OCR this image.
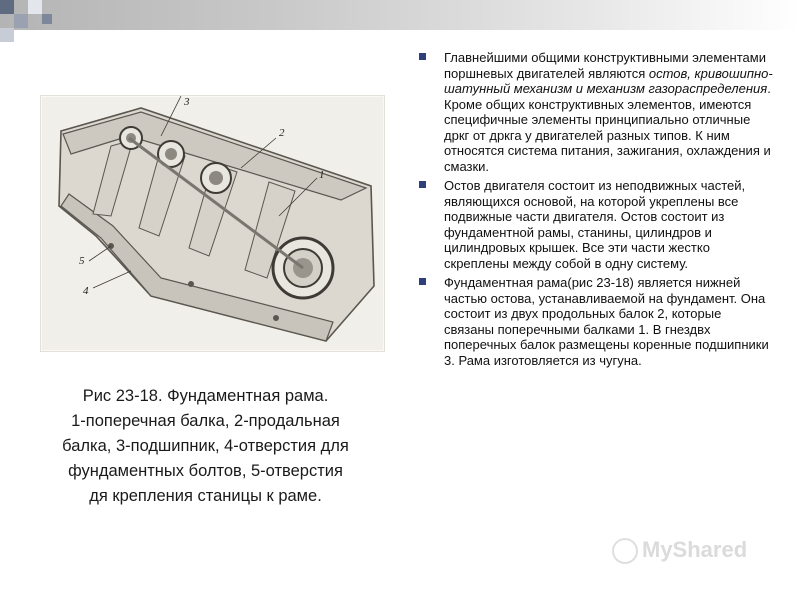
3
2
1
5
4
Рис 23-18. Фундаментная рама.
1-поперечная балка, 2-продальная
балка, 3-подшипник, 4-отверстия для
фундаментных болтов, 5-отверстия
дя крепления станицы к раме.

Главнейшими общими конструктивными элементами поршневых двигателей являются остов, кривошипно-шатунный механизм и механизм газораспределения. Кроме общих конструктивных элементов, имеются специфичные элементы принципиально отличные дркг от дркга у двигателей разных типов. К ним относятся система питания, зажигания, охлаждения и смазки.

Остов двигателя состоит из неподвижных частей, являющихся основой, на которой укреплены все подвижные части двигателя. Остов состоит из фундаментной рамы, станины, цилиндров и цилиндровых крышек. Все эти части жестко скреплены между собой в одну систему.

Фундаментная рама(рис 23-18) является нижней частью остова, устанавливаемой на фундамент. Она состоит из двух продольных балок 2, которые связаны поперечными балками 1. В гнездвх поперечных балок размещены коренные подшипники 3. Рама изготовляется из чугуна.

MyShared
